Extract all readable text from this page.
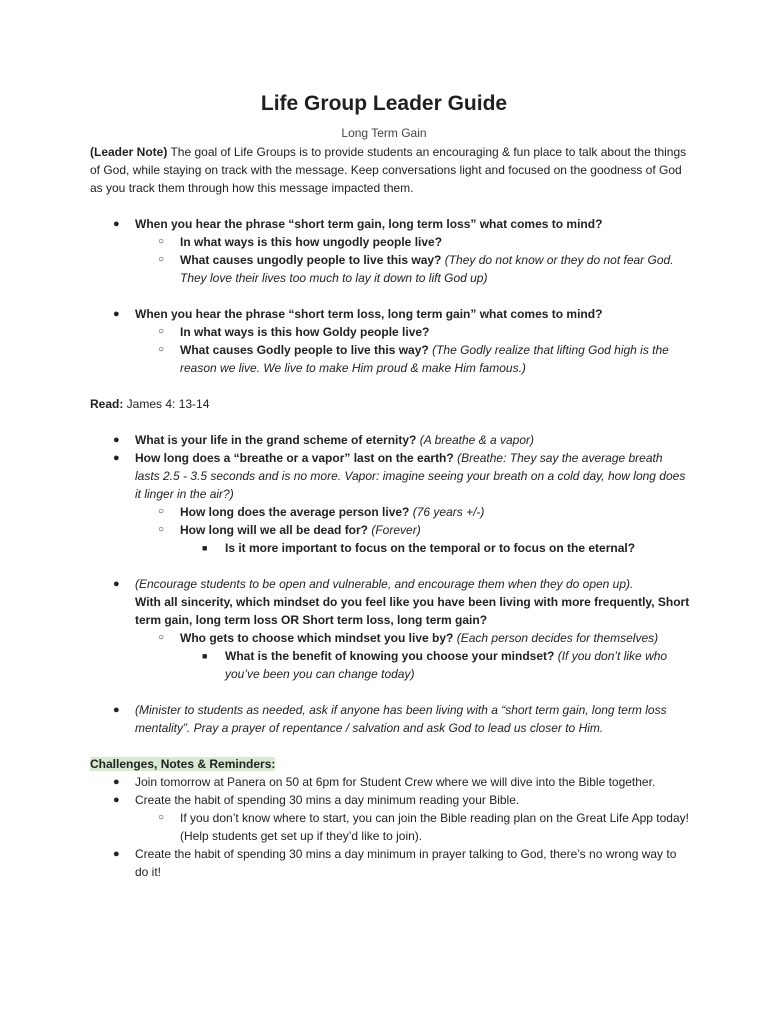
Life Group Leader Guide
Long Term Gain

(Leader Note) The goal of Life Groups is to provide students an encouraging & fun place to talk about the things of God, while staying on track with the message. Keep conversations light and focused on the goodness of God as you track them through how this message impacted them.

● When you hear the phrase “short term gain, long term loss” what comes to mind?
○ In what ways is this how ungodly people live?
○ What causes ungodly people to live this way? (They do not know or they do not fear God. They love their lives too much to lay it down to lift God up)
● When you hear the phrase “short term loss, long term gain” what comes to mind?
○ In what ways is this how Goldy people live?
○ What causes Godly people to live this way? (The Godly realize that lifting God high is the reason we live. We live to make Him proud & make Him famous.)

Read: James 4: 13-14

● What is your life in the grand scheme of eternity? (A breathe & a vapor)
● How long does a “breathe or a vapor” last on the earth? (Breathe: They say the average breath lasts 2.5 - 3.5 seconds and is no more. Vapor: imagine seeing your breath on a cold day, how long does it linger in the air?)
○ How long does the average person live? (76 years +/-)
○ How long will we all be dead for? (Forever)
■ Is it more important to focus on the temporal or to focus on the eternal?
● (Encourage students to be open and vulnerable, and encourage them when they do open up).
With all sincerity, which mindset do you feel like you have been living with more frequently, Short term gain, long term loss OR Short term loss, long term gain?
○ Who gets to choose which mindset you live by? (Each person decides for themselves)
■ What is the benefit of knowing you choose your mindset? (If you don’t like who you’ve been you can change today)
● (Minister to students as needed, ask if anyone has been living with a “short term gain, long term loss mentality”. Pray a prayer of repentance / salvation and ask God to lead us closer to Him.

Challenges, Notes & Reminders:

● Join tomorrow at Panera on 50 at 6pm for Student Crew where we will dive into the Bible together.
● Create the habit of spending 30 mins a day minimum reading your Bible.
○ If you don’t know where to start, you can join the Bible reading plan on the Great Life App today! (Help students get set up if they’d like to join).
● Create the habit of spending 30 mins a day minimum in prayer talking to God, there’s no wrong way to do it!
